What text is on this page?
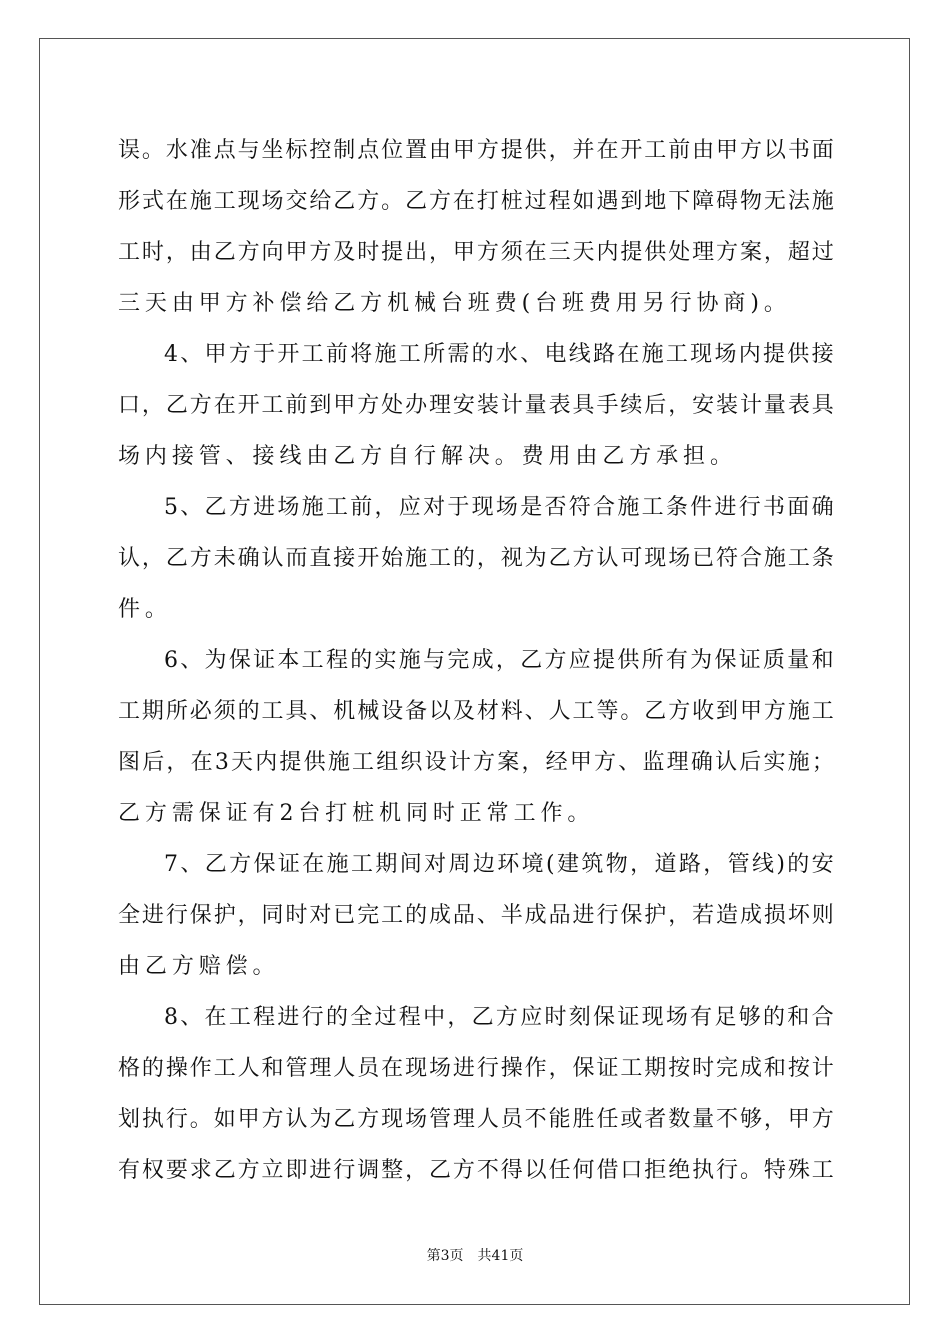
误 。 水 准 点 与 坐 标 控 制 点 位 置 由 甲 方 提 供 ， 并 在 开 工 前 由 甲 方 以 书 面
形 式 在 施 工 现 场 交 给 乙 方 。 乙 方 在 打 桩 过 程 如 遇 到 地 下 障 碍 物 无 法 施
工 时 ， 由 乙 方 向 甲 方 及 时 提 出 ， 甲 方 须 在 三 天 内 提 供 处 理 方 案 ， 超 过
三 天 由 甲 方 补 偿 给 乙 方 机 械 台 班 费 ( 台 班 费 用 另 行 协 商 ) 。
4 、 甲 方 于 开 工 前 将 施 工 所 需 的 水 、 电 线 路 在 施 工 现 场 内 提 供 接
口 ， 乙 方 在 开 工 前 到 甲 方 处 办 理 安 装 计 量 表 具 手 续 后 ， 安 装 计 量 表 具
场 内 接 管 、 接 线 由 乙 方 自 行 解 决 。 费 用 由 乙 方 承 担 。
5 、 乙 方 进 场 施 工 前 ， 应 对 于 现 场 是 否 符 合 施 工 条 件 进 行 书 面 确
认 ， 乙 方 未 确 认 而 直 接 开 始 施 工 的 ， 视 为 乙 方 认 可 现 场 已 符 合 施 工 条
件 。
6 、 为 保 证 本 工 程 的 实 施 与 完 成 ， 乙 方 应 提 供 所 有 为 保 证 质 量 和
工 期 所 必 须 的 工 具 、 机 械 设 备 以 及 材 料 、 人 工 等 。 乙 方 收 到 甲 方 施 工
图 后 ， 在 3 天 内 提 供 施 工 组 织 设 计 方 案 ， 经 甲 方 、 监 理 确 认 后 实 施 ；
乙 方 需 保 证 有 2 台 打 桩 机 同 时 正 常 工 作 。
7 、 乙 方 保 证 在 施 工 期 间 对 周 边 环 境 ( 建 筑 物 ， 道 路 ， 管 线 ) 的 安
全 进 行 保 护 ， 同 时 对 已 完 工 的 成 品 、 半 成 品 进 行 保 护 ， 若 造 成 损 坏 则
由 乙 方 赔 偿 。
8 、 在 工 程 进 行 的 全 过 程 中 ， 乙 方 应 时 刻 保 证 现 场 有 足 够 的 和 合
格 的 操 作 工 人 和 管 理 人 员 在 现 场 进 行 操 作 ， 保 证 工 期 按 时 完 成 和 按 计
划 执 行 。 如 甲 方 认 为 乙 方 现 场 管 理 人 员 不 能 胜 任 或 者 数 量 不 够 ， 甲 方
有 权 要 求 乙 方 立 即 进 行 调 整 ， 乙 方 不 得 以 任 何 借 口 拒 绝 执 行 。 特 殊 工
第3页　共41页
